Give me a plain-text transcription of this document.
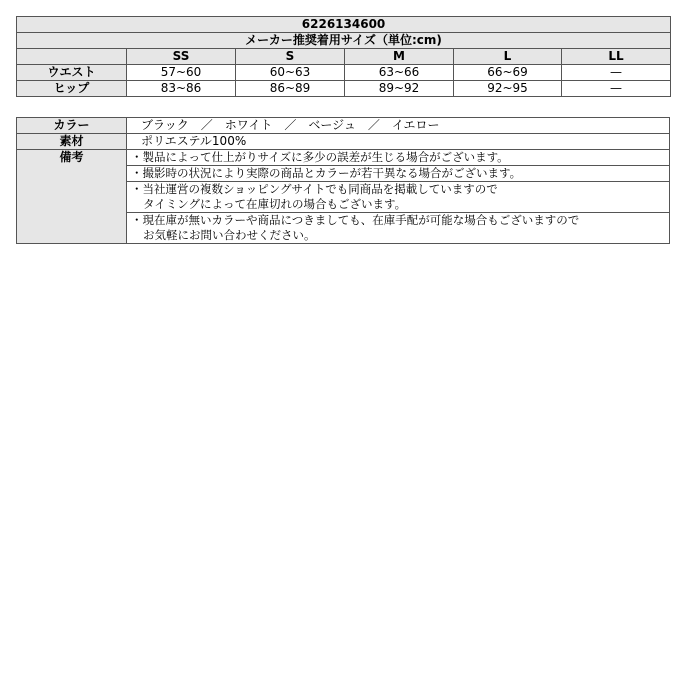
6226134600					
メーカー推奨着用サイズ（単位:cm)					
	SS	S	M	L	LL
ウエスト	57~60	60~63	63~66	66~69	—
ヒップ	83~86	86~89	89~92	92~95	—
カラー	ブラック　／　ホワイト　／　ベージュ　／　イエロー
素材	ポリエステル100%
備考	・製品によって仕上がりサイズに多少の誤差が生じる場合がございます。

	・撮影時の状況により実際の商品とカラーが若干異なる場合がございます。

	・当社運営の複数ショッピングサイトでも同商品を掲載していますので
タイミングによって在庫切れの場合もございます。

	・現在庫が無いカラーや商品につきましても、在庫手配が可能な場合もございますので
お気軽にお問い合わせください。
